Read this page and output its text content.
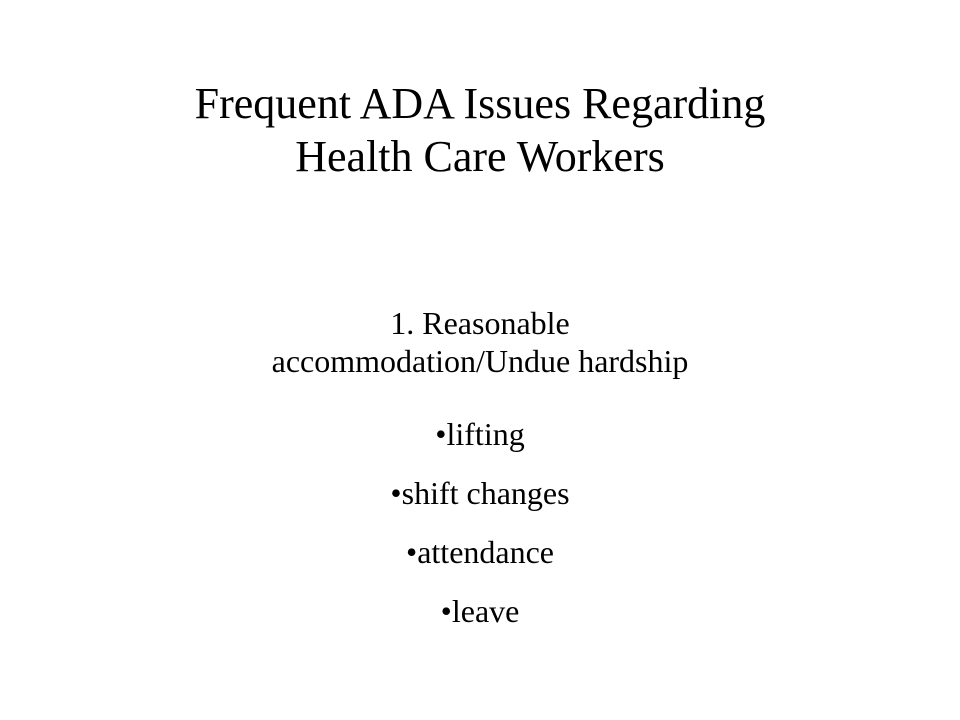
Frequent ADA Issues Regarding
Health Care Workers
1. Reasonable
accommodation/Undue hardship
•lifting
•shift changes
•attendance
•leave
